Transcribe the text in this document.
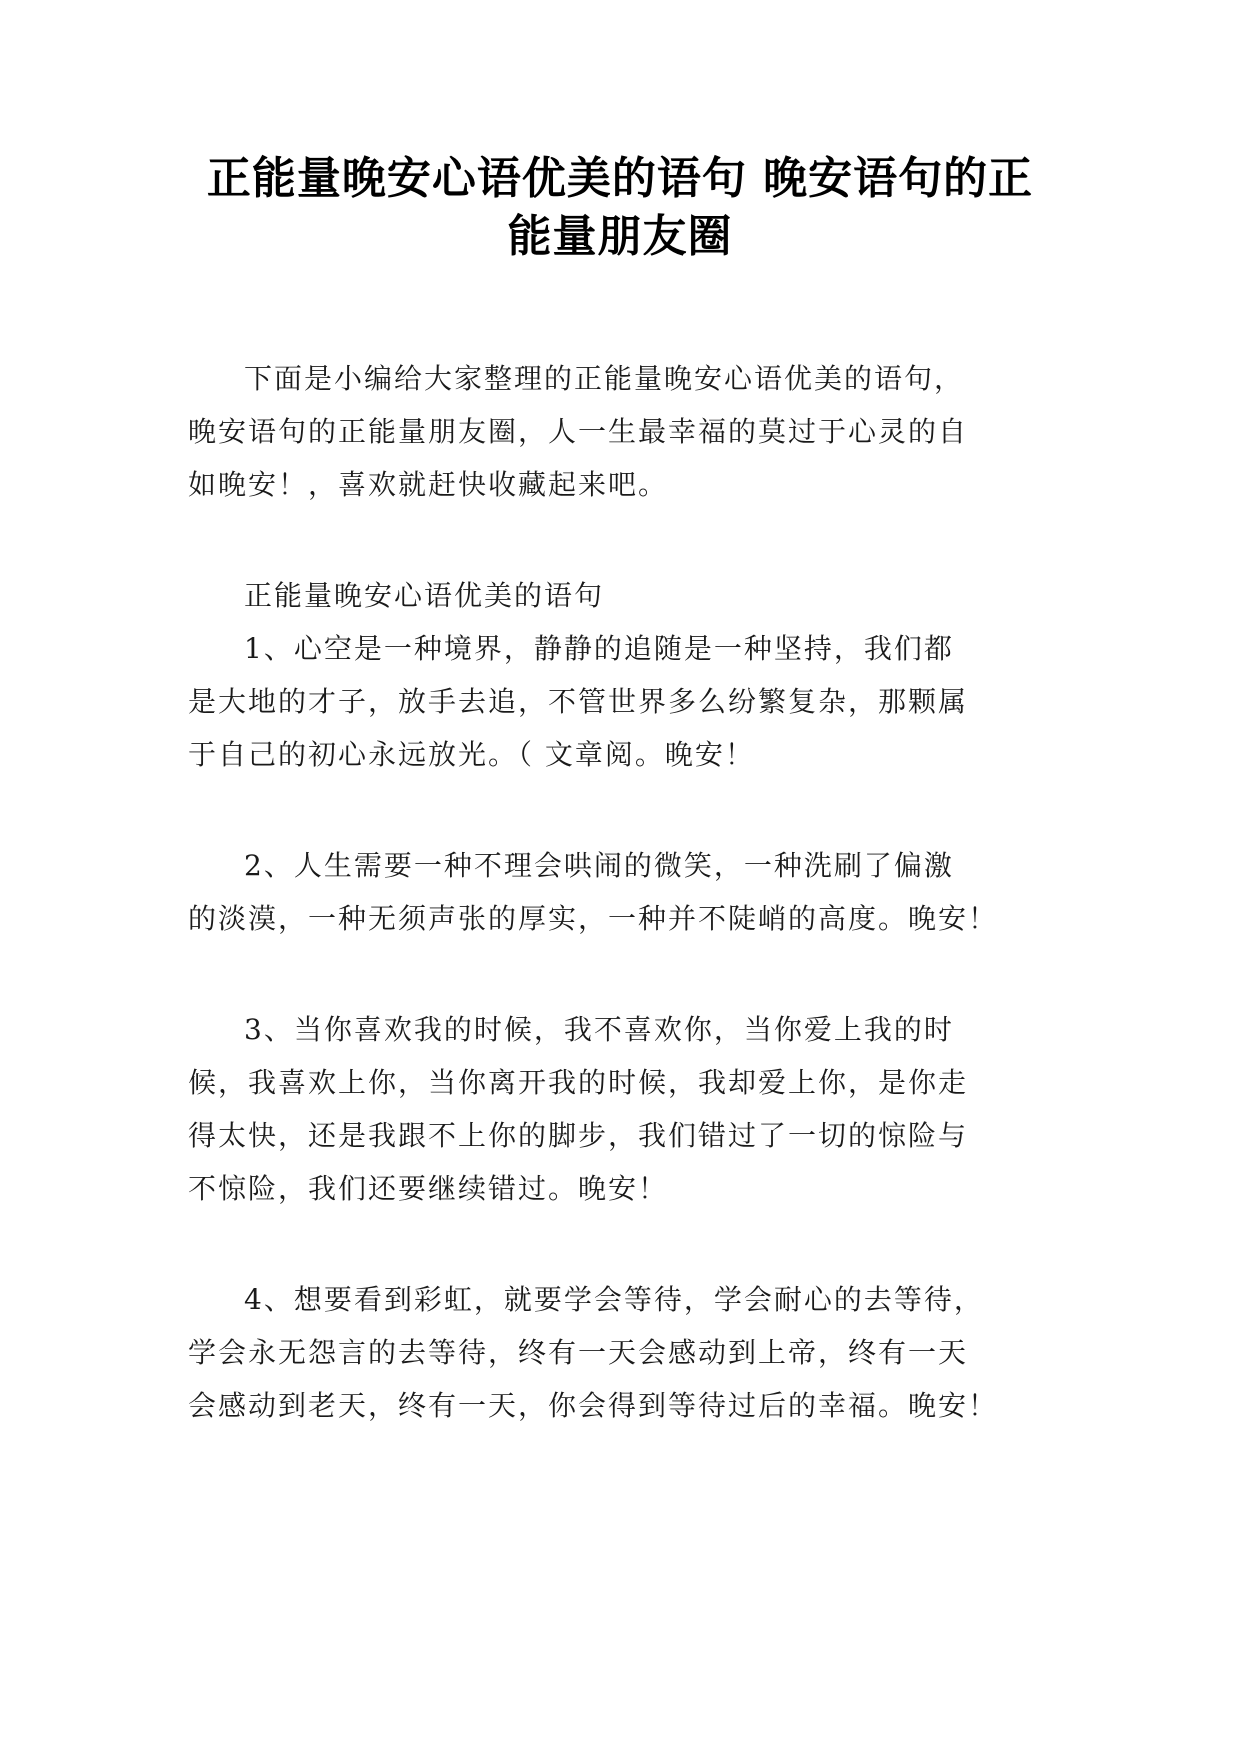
正能量晚安心语优美的语句 晚安语句的正
能量朋友圈

下面是小编给大家整理的正能量晚安心语优美的语句，
晚安语句的正能量朋友圈，人一生最幸福的莫过于心灵的自
如晚安！，喜欢就赶快收藏起来吧。

正能量晚安心语优美的语句

1、心空是一种境界，静静的追随是一种坚持，我们都
是大地的才子，放手去追，不管世界多么纷繁复杂，那颗属
于自己的初心永远放光。（ 文章阅。晚安！

2、人生需要一种不理会哄闹的微笑，一种洗刷了偏激
的淡漠，一种无须声张的厚实，一种并不陡峭的高度。晚安！

3、当你喜欢我的时候，我不喜欢你，当你爱上我的时
候，我喜欢上你，当你离开我的时候，我却爱上你，是你走
得太快，还是我跟不上你的脚步，我们错过了一切的惊险与
不惊险，我们还要继续错过。晚安！

4、想要看到彩虹，就要学会等待，学会耐心的去等待，
学会永无怨言的去等待，终有一天会感动到上帝，终有一天
会感动到老天，终有一天，你会得到等待过后的幸福。晚安！
